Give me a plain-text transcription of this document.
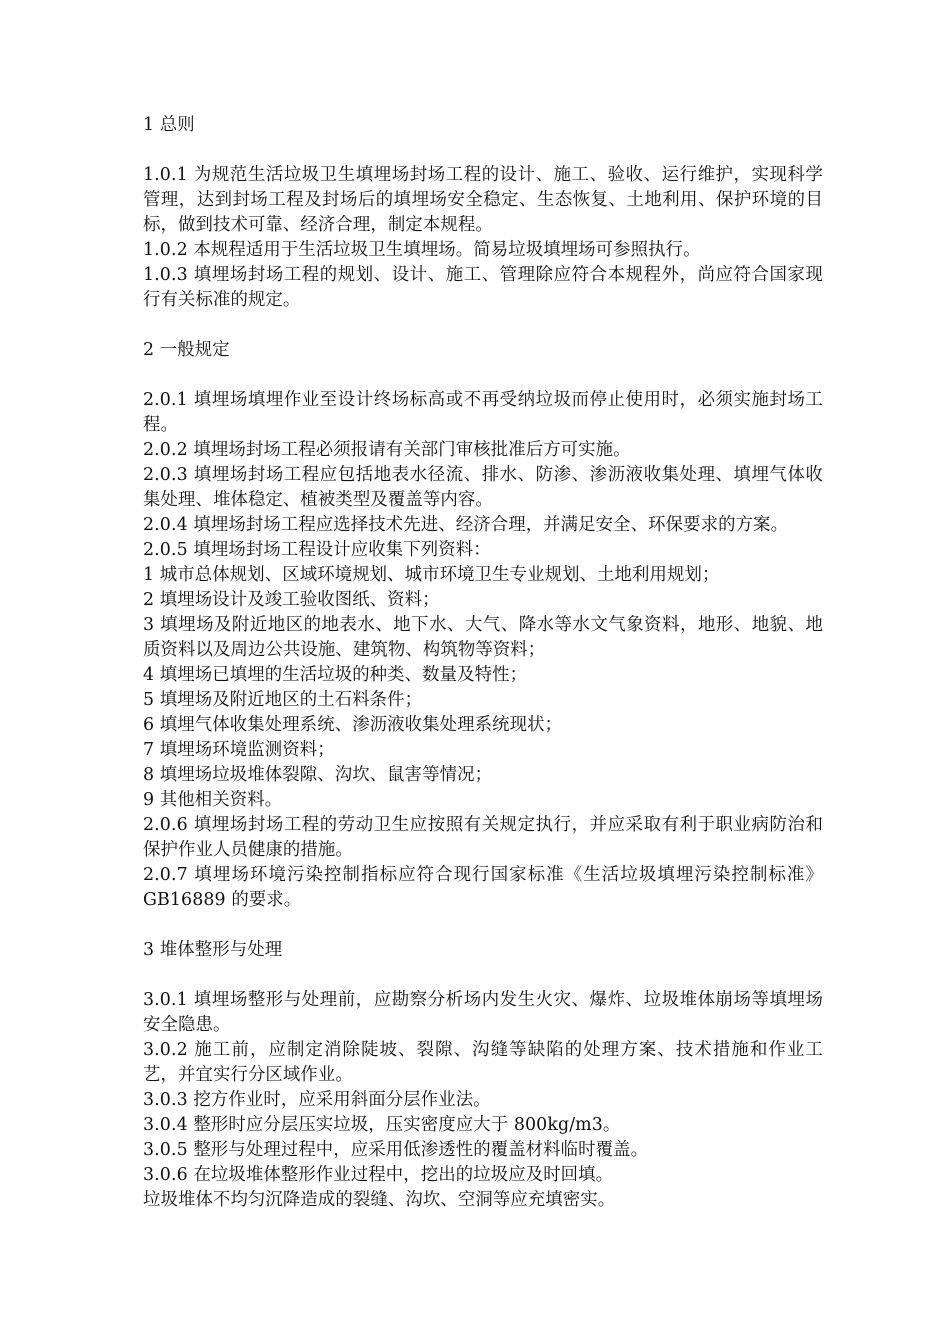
1 总则

1.0.1 为规范生活垃圾卫生填埋场封场工程的设计、施工、验收、运行维护，实现科学管理，达到封场工程及封场后的填埋场安全稳定、生态恢复、土地利用、保护环境的目标，做到技术可靠、经济合理，制定本规程。

1.0.2 本规程适用于生活垃圾卫生填埋场。简易垃圾填埋场可参照执行。

1.0.3 填埋场封场工程的规划、设计、施工、管理除应符合本规程外，尚应符合国家现行有关标准的规定。

2 一般规定

2.0.1 填埋场填埋作业至设计终场标高或不再受纳垃圾而停止使用时，必须实施封场工程。

2.0.2 填埋场封场工程必须报请有关部门审核批准后方可实施。

2.0.3 填埋场封场工程应包括地表水径流、排水、防渗、渗沥液收集处理、填埋气体收集处理、堆体稳定、植被类型及覆盖等内容。

2.0.4 填埋场封场工程应选择技术先进、经济合理，并满足安全、环保要求的方案。

2.0.5 填埋场封场工程设计应收集下列资料：

1 城市总体规划、区域环境规划、城市环境卫生专业规划、土地利用规划；

2 填埋场设计及竣工验收图纸、资料；

3 填埋场及附近地区的地表水、地下水、大气、降水等水文气象资料，地形、地貌、地质资料以及周边公共设施、建筑物、构筑物等资料；

4 填埋场已填埋的生活垃圾的种类、数量及特性；

5 填埋场及附近地区的土石料条件；

6 填埋气体收集处理系统、渗沥液收集处理系统现状；

7 填埋场环境监测资料；

8 填埋场垃圾堆体裂隙、沟坎、鼠害等情况；

9 其他相关资料。

2.0.6 填埋场封场工程的劳动卫生应按照有关规定执行，并应采取有利于职业病防治和保护作业人员健康的措施。

2.0.7 填埋场环境污染控制指标应符合现行国家标准《生活垃圾填埋污染控制标准》GB16889 的要求。

3 堆体整形与处理

3.0.1 填埋场整形与处理前，应勘察分析场内发生火灾、爆炸、垃圾堆体崩场等填埋场安全隐患。

3.0.2 施工前，应制定消除陡坡、裂隙、沟缝等缺陷的处理方案、技术措施和作业工艺，并宜实行分区域作业。

3.0.3 挖方作业时，应采用斜面分层作业法。

3.0.4 整形时应分层压实垃圾，压实密度应大于 800kg/m3。

3.0.5 整形与处理过程中，应采用低渗透性的覆盖材料临时覆盖。

3.0.6 在垃圾堆体整形作业过程中，挖出的垃圾应及时回填。

垃圾堆体不均匀沉降造成的裂缝、沟坎、空洞等应充填密实。
